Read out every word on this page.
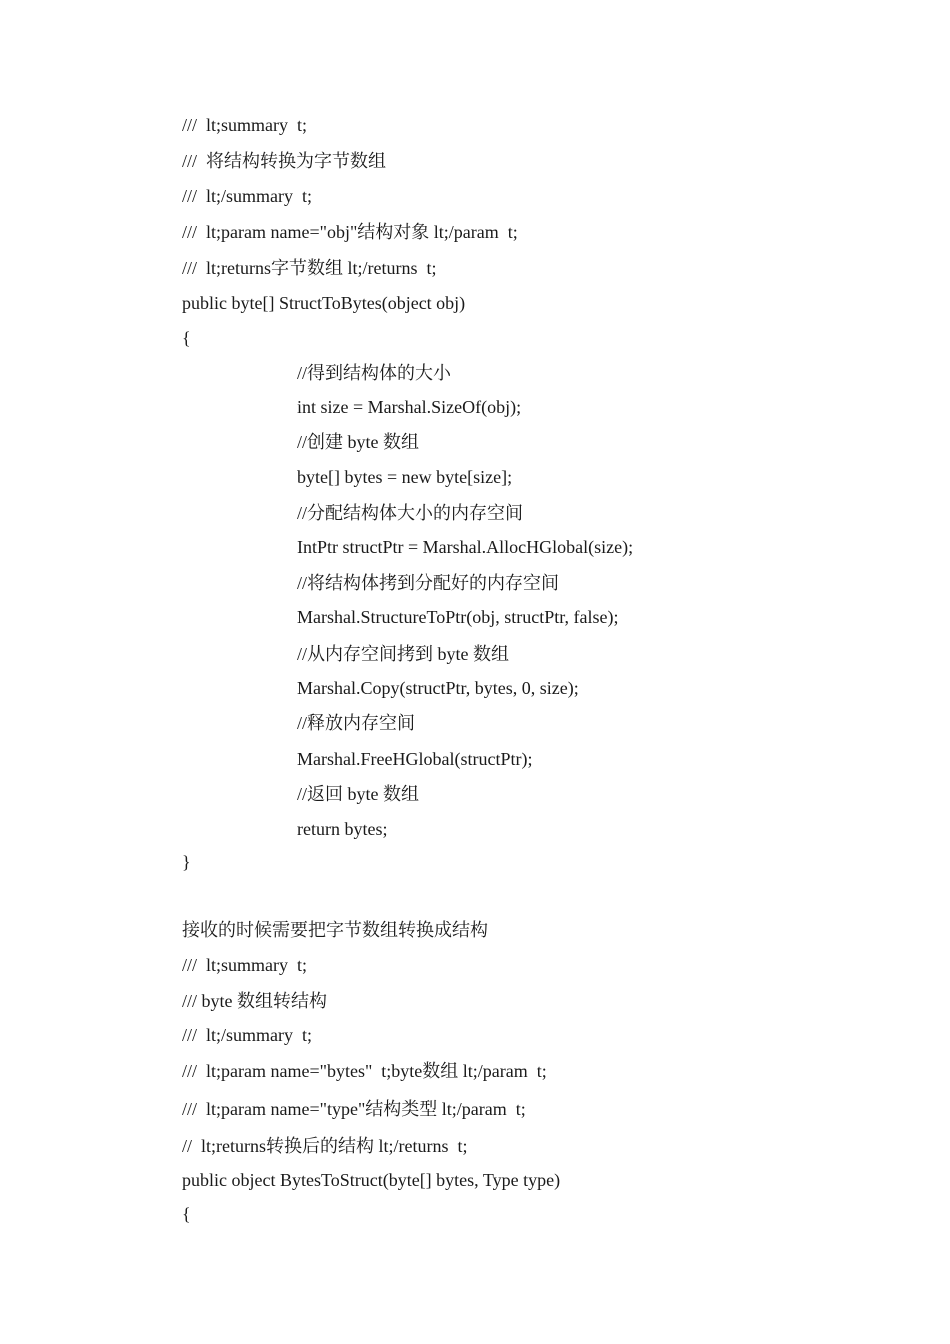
///  lt;summary  t;
///  将结构转换为字节数组
///  lt;/summary  t;
///  lt;param name="obj"结构对象 lt;/param  t;
///  lt;returns字节数组 lt;/returns  t;
public byte[] StructToBytes(object obj)
{
//得到结构体的大小
int size = Marshal.SizeOf(obj);
//创建 byte 数组
byte[] bytes = new byte[size];
//分配结构体大小的内存空间
IntPtr structPtr = Marshal.AllocHGlobal(size);
//将结构体拷到分配好的内存空间
Marshal.StructureToPtr(obj, structPtr, false);
//从内存空间拷到 byte 数组
Marshal.Copy(structPtr, bytes, 0, size);
//释放内存空间
Marshal.FreeHGlobal(structPtr);
//返回 byte 数组
return bytes;
}
接收的时候需要把字节数组转换成结构
///  lt;summary  t;
/// byte 数组转结构
///  lt;/summary  t;
///  lt;param name="bytes"  t;byte数组 lt;/param  t;
///  lt;param name="type"结构类型 lt;/param  t;
//  lt;returns转换后的结构 lt;/returns  t;
public object BytesToStruct(byte[] bytes, Type type)
{
